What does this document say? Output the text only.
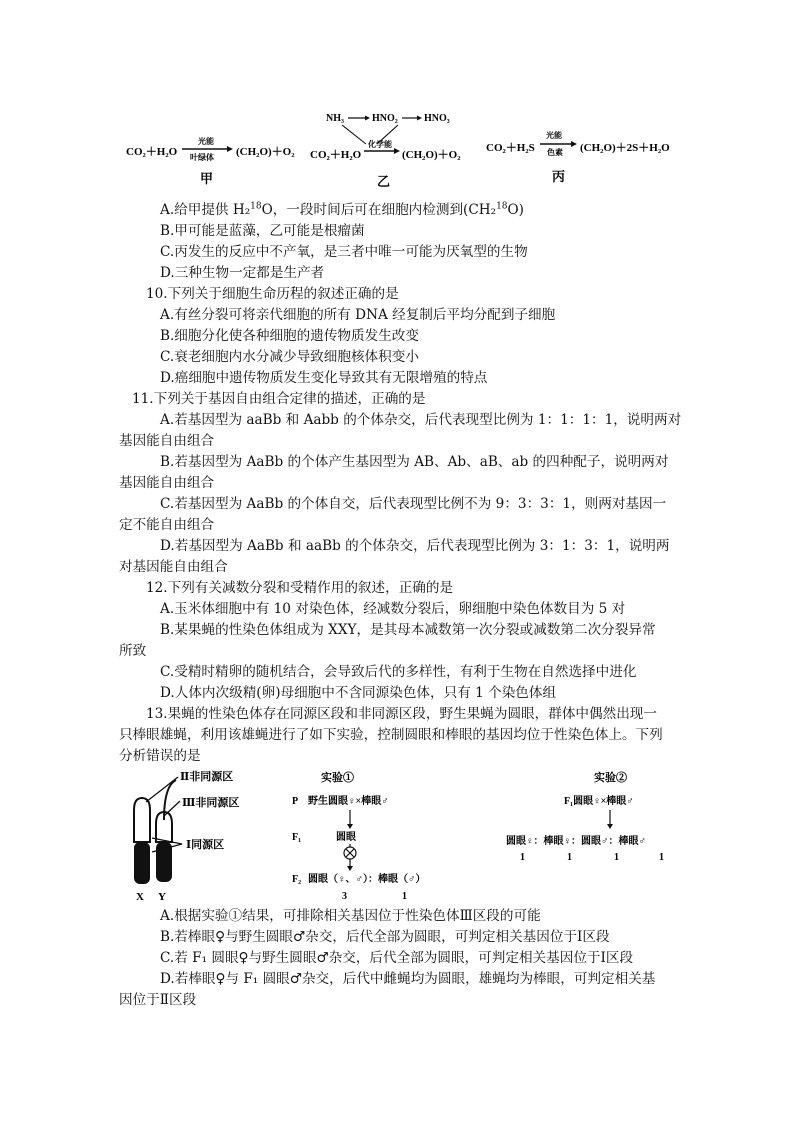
CO₂＋H₂O
光能
叶绿体 (CH₂O)＋O₂
甲
NH₃	HNO₂	HNO₃
CO₂＋H₂O
化学能
(CH₂O)＋O₂
乙
CO₂＋H₂S
光能
色素 (CH₂O)＋2S＋H₂O
丙
A.给甲提供 H₂$^{18}$O，一段时间后可在细胞内检测到(CH₂$^{18}$O)
B.甲可能是蓝藻，乙可能是根瘤菌
C.丙发生的反应中不产氧，是三者中唯一可能为厌氧型的生物
D.三种生物一定都是生产者
10.下列关于细胞生命历程的叙述正确的是
A.有丝分裂可将亲代细胞的所有 DNA 经复制后平均分配到子细胞
B.细胞分化使各种细胞的遗传物质发生改变
C.衰老细胞内水分减少导致细胞核体积变小
D.癌细胞中遗传物质发生变化导致其有无限增殖的特点
11.下列关于基因自由组合定律的描述，正确的是
A.若基因型为 aaBb 和 Aabb 的个体杂交，后代表现型比例为 1：1：1：1，说明两对
基因能自由组合
B.若基因型为 AaBb 的个体产生基因型为 AB、Ab、aB、ab 的四种配子，说明两对
基因能自由组合
C.若基因型为 AaBb 的个体自交，后代表现型比例不为 9：3：3：1，则两对基因一
定不能自由组合
D.若基因型为 AaBb 和 aaBb 的个体杂交，后代表现型比例为 3：1：3：1，说明两
对基因能自由组合
12.下列有关减数分裂和受精作用的叙述，正确的是
A.玉米体细胞中有 10 对染色体，经减数分裂后，卵细胞中染色体数目为 5 对
B.某果蝇的性染色体组成为 XXY，是其母本减数第一次分裂或减数第二次分裂异常
所致
C.受精时精卵的随机结合，会导致后代的多样性，有利于生物在自然选择中进化
D.人体内次级精(卵)母细胞中不含同源染色体，只有 1 个染色体组
13.果蝇的性染色体存在同源区段和非同源区段，野生果蝇为圆眼，群体中偶然出现一
只棒眼雄蝇，利用该雄蝇进行了如下实验，控制圆眼和棒眼的基因均位于性染色体上。下列
分析错误的是
Ⅱ非同源区
Ⅲ非同源区
Ⅰ同源区
X Y
实验①
P 野生圆眼♀×棒眼♂
F₁	圆眼
F₂ 圆眼（♀、♂）：棒眼（♂）
3	1
实验②
F₁圆眼♀×棒眼♂
圆眼♀：棒眼♀：圆眼♂：棒眼♂
1	1	1	1
A.根据实验①结果，可排除相关基因位于性染色体Ⅲ区段的可能
B.若棒眼♀与野生圆眼♂杂交，后代全部为圆眼，可判定相关基因位于Ⅰ区段
C.若 F₁ 圆眼♀与野生圆眼♂杂交，后代全部为圆眼，可判定相关基因位于Ⅰ区段
D.若棒眼♀与 F₁ 圆眼♂杂交，后代中雌蝇均为圆眼，雄蝇均为棒眼，可判定相关基
因位于Ⅱ区段
